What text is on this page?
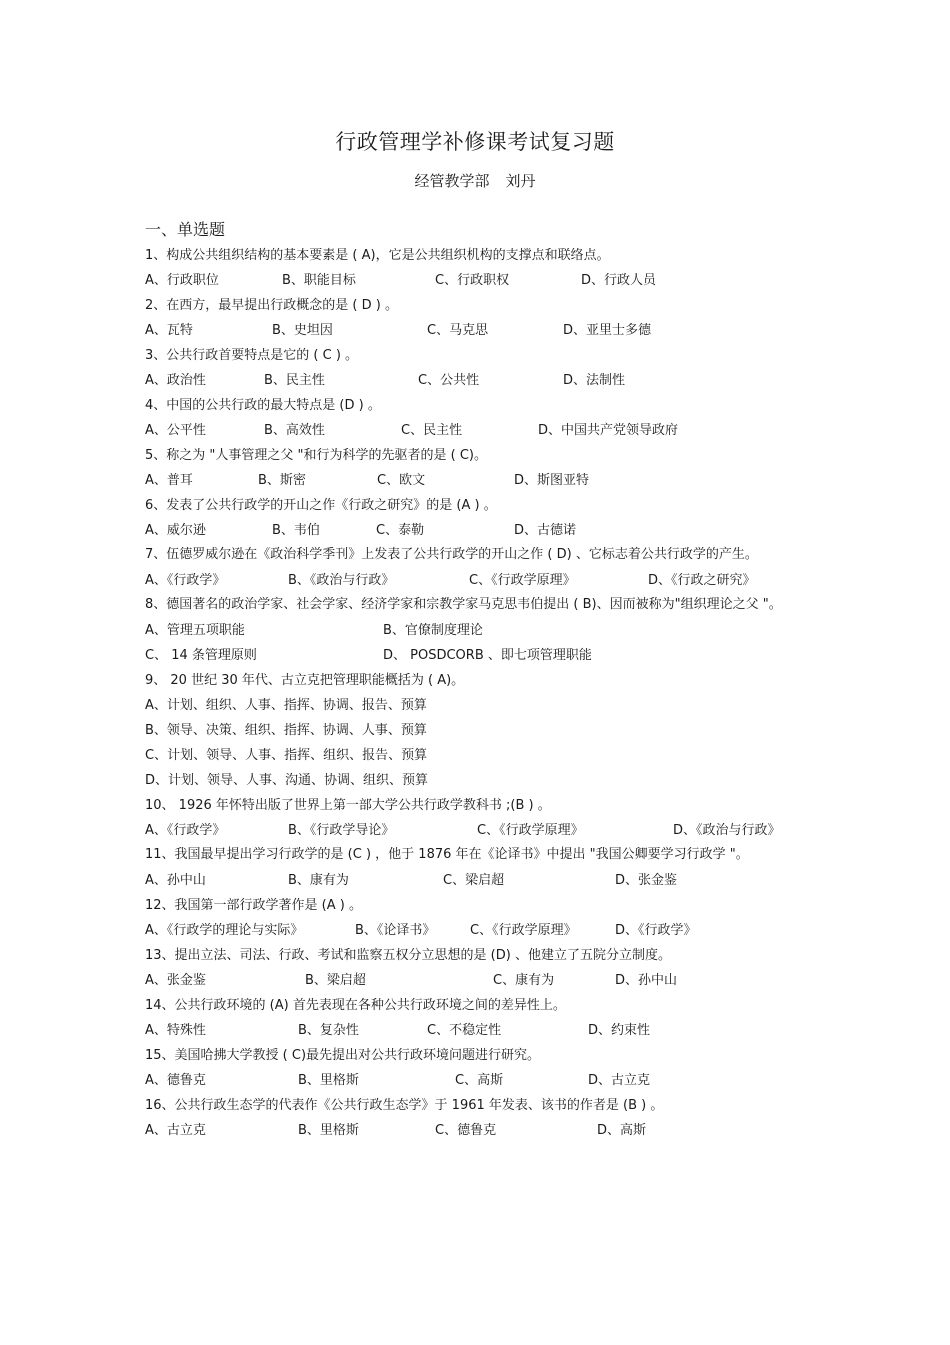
行政管理学补修课考试复习题
经管教学部 刘丹
一、单选题
1、构成公共组织结构的基本要素是 ( A)，它是公共组织机构的支撑点和联络点。
A、行政职位	B、职能目标	C、行政职权	D、行政人员
2、在西方，最早提出行政概念的是 ( D ) 。
A、瓦特	B、史坦因	C、马克思	D、亚里士多德
3、公共行政首要特点是它的 ( C ) 。
A、政治性	B、民主性	C、公共性	D、法制性
4、中国的公共行政的最大特点是 (D ) 。
A、公平性	B、高效性	C、民主性	D、中国共产党领导政府
5、称之为 "人事管理之父 "和行为科学的先驱者的是 ( C)。
A、普耳	B、斯密	C、欧文	D、斯图亚特
6、发表了公共行政学的开山之作《行政之研究》的是 (A ) 。
A、威尔逊	B、韦伯	C、泰勒	D、古德诺
7、伍德罗威尔逊在《政治科学季刊》上发表了公共行政学的开山之作 ( D) 、它标志着公共行政学的产生。
A、《行政学》	B、《政治与行政》	C、《行政学原理》	D、《行政之研究》
8、德国著名的政治学家、社会学家、经济学家和宗教学家马克思韦伯提出 ( B)、因而被称为"组织理论之父 "。
A、管理五项职能	B、官僚制度理论
C、 14 条管理原则	D、 POSDCORB 、即七项管理职能
9、 20 世纪 30 年代、古立克把管理职能概括为 ( A)。
A、计划、组织、人事、指挥、协调、报告、预算
B、领导、决策、组织、指挥、协调、人事、预算
C、计划、领导、人事、指挥、组织、报告、预算
D、计划、领导、人事、沟通、协调、组织、预算
10、 1926 年怀特出版了世界上第一部大学公共行政学教科书 ;(B ) 。
A、《行政学》	B、《行政学导论》	C、《行政学原理》	D、《政治与行政》
11、我国最早提出学习行政学的是 (C ) ，他于 1876 年在《论译书》中提出 "我国公卿要学习行政学 "。
A、孙中山	B、康有为	C、梁启超	D、张金鉴
12、我国第一部行政学著作是 (A ) 。
A、《行政学的理论与实际》	B、《论译书》	C、《行政学原理》	D、《行政学》
13、提出立法、司法、行政、考试和监察五权分立思想的是 (D) 、他建立了五院分立制度。
A、张金鉴	B、梁启超	C、康有为	D、孙中山
14、公共行政环境的 (A) 首先表现在各种公共行政环境之间的差异性上。
A、特殊性	B、复杂性	C、不稳定性	D、约束性
15、美国哈拂大学教授 ( C)最先提出对公共行政环境问题进行研究。
A、德鲁克	B、里格斯	C、高斯	D、古立克
16、公共行政生态学的代表作《公共行政生态学》于 1961 年发表、该书的作者是 (B ) 。
A、古立克	B、里格斯	C、德鲁克	D、高斯
